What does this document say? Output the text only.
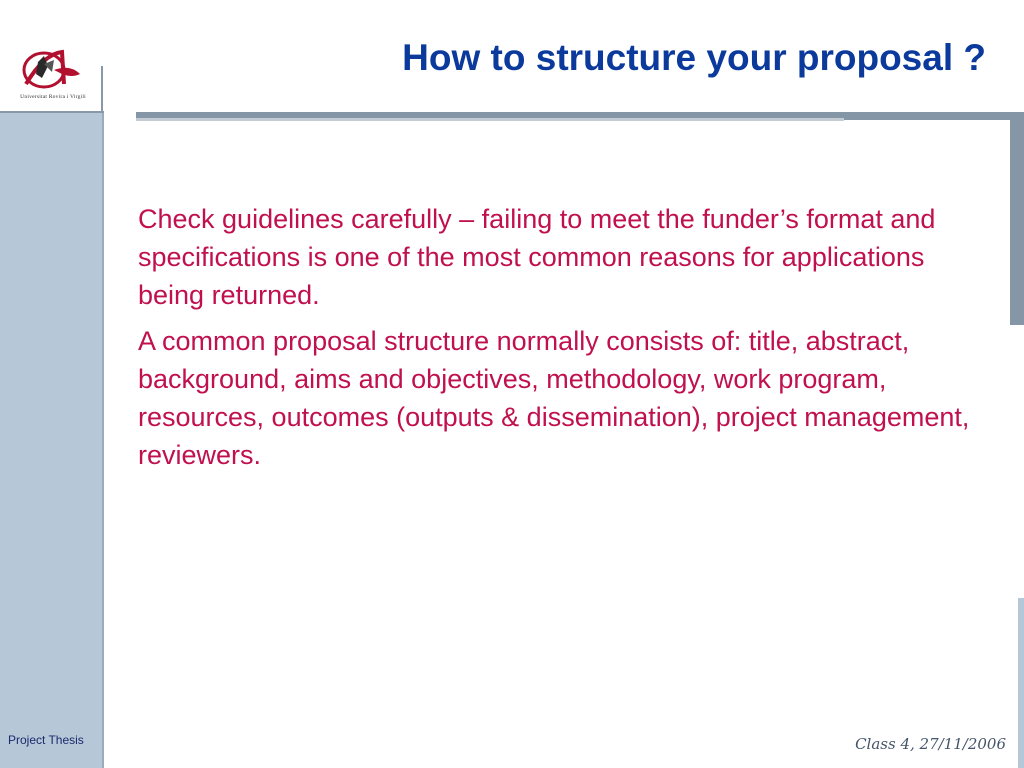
Universitat Rovira i Virgili
How to structure your proposal ?

Check guidelines carefully – failing to meet the funder’s format and specifications is one of the most common reasons for applications being returned.

A common proposal structure normally consists of: title, abstract, background, aims and objectives, methodology, work program, resources, outcomes (outputs & dissemination), project management, reviewers.

Project Thesis	Class 4, 27/11/2006
